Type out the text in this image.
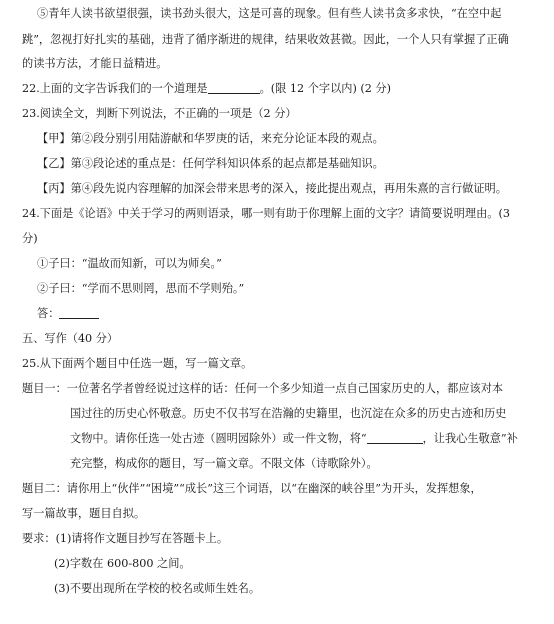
⑤青年人读书欲望很强，读书劲头很大，这是可喜的现象。但有些人读书贪多求快，“在空中起
跳”，忽视打好扎实的基础，违背了循序渐进的规律，结果收效甚微。因此，一个人只有掌握了正确
的读书方法，才能日益精进。
22.上面的文字告诉我们的一个道理是	。(限 12 个字以内) (2 分)
23.阅读全文，判断下列说法，不正确的一项是（2 分）
【甲】第②段分别引用陆游献和华罗庚的话，来充分论证本段的观点。
【乙】第③段论述的重点是：任何学科知识体系的起点都是基础知识。
【丙】第④段先说内容理解的加深会带来思考的深入，接此提出观点，再用朱熹的言行做证明。
24.下面是《论语》中关于学习的两则语录，哪一则有助于你理解上面的文字？请简要说明理由。(3
分)
①子曰：“温故而知新，可以为师矣。”
②子曰：“学而不思则罔，思而不学则殆。”
答：
五、写作（40 分）
25.从下面两个题目中任选一题，写一篇文章。
题目一：一位著名学者曾经说过这样的话：任何一个多少知道一点自己国家历史的人，都应该对本
国过往的历史心怀敬意。历史不仅书写在浩瀚的史籍里，也沉淀在众多的历史古迹和历史
文物中。请你任选一处古迹（圆明园除外）或一件文物，将“	，让我心生敬意”补
充完整，构成你的题目，写一篇文章。不限文体（诗歌除外）。
题目二：请你用上“伙伴”“困境”“成长”这三个词语，以“在幽深的峡谷里”为开头，发挥想象，
写一篇故事，题目自拟。
要求：(1)请将作文题目抄写在答题卡上。
(2)字数在 600-800 之间。
(3)不要出现所在学校的校名或师生姓名。
